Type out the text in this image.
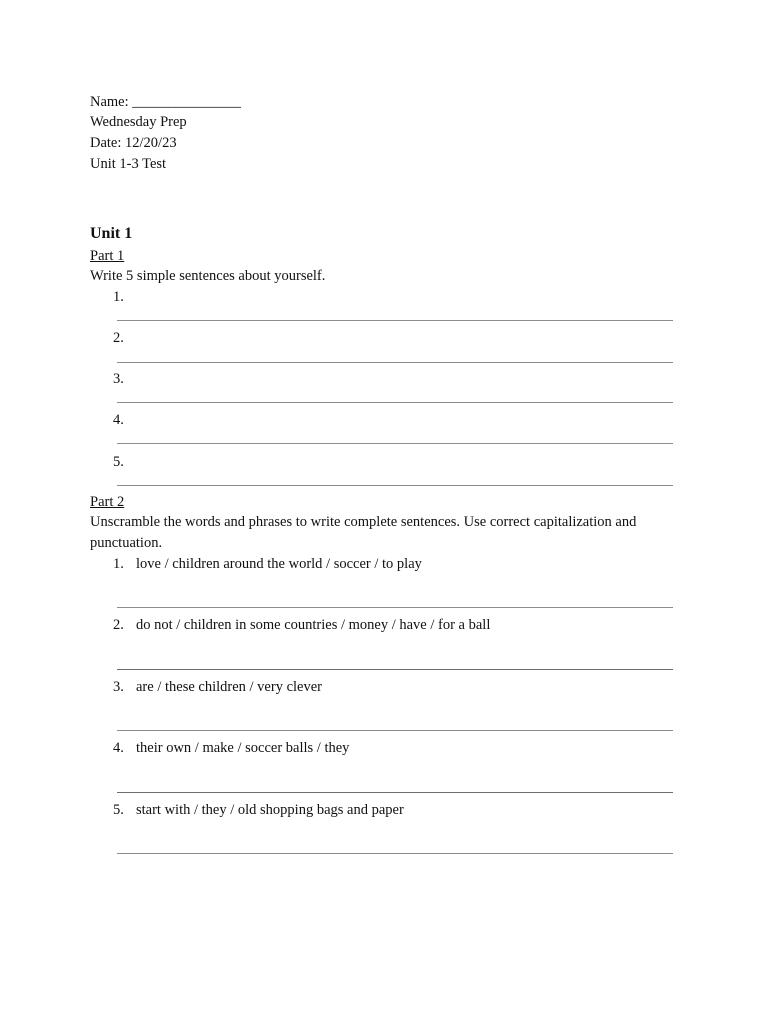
Name: _______________
Wednesday Prep
Date: 12/20/23
Unit 1-3 Test
Unit 1
Part 1
Write 5 simple sentences about yourself.
1.
2.
3.
4.
5.
Part 2
Unscramble the words and phrases to write complete sentences. Use correct capitalization and punctuation.
1. love / children around the world / soccer / to play
2. do not / children in some countries / money / have / for a ball
3. are / these children / very clever
4. their own / make / soccer balls / they
5. start with / they / old shopping bags and paper
